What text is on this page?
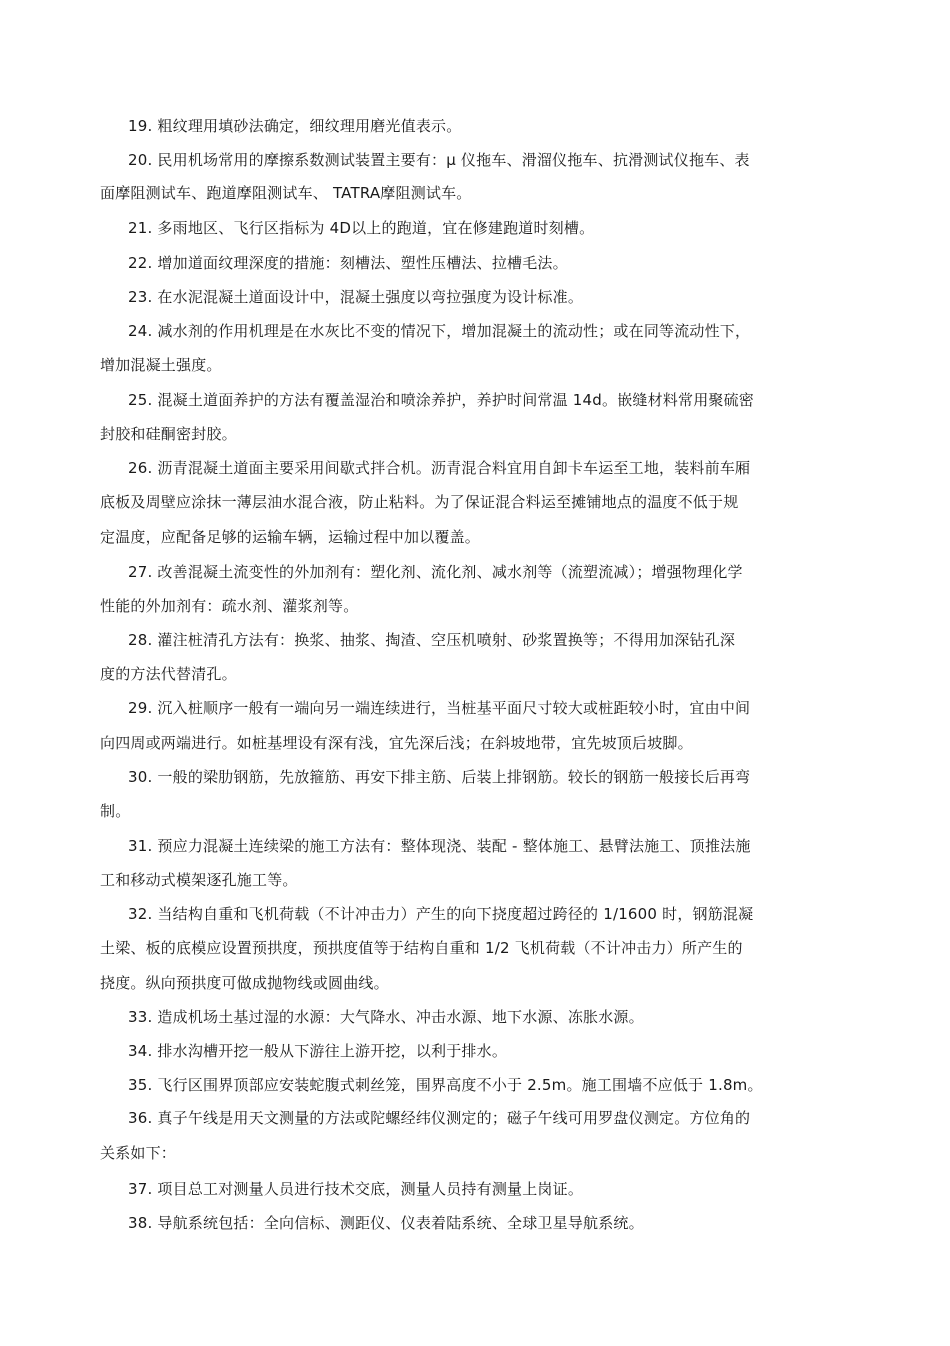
19. 粗纹理用填砂法确定，细纹理用磨光值表示。
20. 民用机场常用的摩擦系数测试装置主要有：μ 仪拖车、滑溜仪拖车、抗滑测试仪拖车、表
面摩阻测试车、跑道摩阻测试车、 TATRA摩阻测试车。
21. 多雨地区、飞行区指标为 4D以上的跑道，宜在修建跑道时刻槽。
22. 增加道面纹理深度的措施：刻槽法、塑性压槽法、拉槽毛法。
23. 在水泥混凝土道面设计中，混凝土强度以弯拉强度为设计标准。
24. 减水剂的作用机理是在水灰比不变的情况下，增加混凝土的流动性；或在同等流动性下，
增加混凝土强度。
25. 混凝土道面养护的方法有覆盖湿治和喷涂养护，养护时间常温 14d。嵌缝材料常用聚硫密
封胶和硅酮密封胶。
26. 沥青混凝土道面主要采用间歇式拌合机。沥青混合料宜用自卸卡车运至工地，装料前车厢
底板及周壁应涂抹一薄层油水混合液，防止粘料。为了保证混合料运至摊铺地点的温度不低于规
定温度，应配备足够的运输车辆，运输过程中加以覆盖。
27. 改善混凝土流变性的外加剂有：塑化剂、流化剂、减水剂等（流塑流减）；增强物理化学
性能的外加剂有：疏水剂、灌浆剂等。
28. 灌注桩清孔方法有：换浆、抽浆、掏渣、空压机喷射、砂浆置换等；不得用加深钻孔深
度的方法代替清孔。
29. 沉入桩顺序一般有一端向另一端连续进行，当桩基平面尺寸较大或桩距较小时，宜由中间
向四周或两端进行。如桩基埋设有深有浅，宜先深后浅；在斜坡地带，宜先坡顶后坡脚。
30. 一般的梁肋钢筋，先放箍筋、再安下排主筋、后装上排钢筋。较长的钢筋一般接长后再弯
制。
31. 预应力混凝土连续梁的施工方法有：整体现浇、装配 - 整体施工、悬臂法施工、顶推法施
工和移动式模架逐孔施工等。
32. 当结构自重和飞机荷载（不计冲击力）产生的向下挠度超过跨径的 1/1600 时，钢筋混凝
土梁、板的底模应设置预拱度，预拱度值等于结构自重和 1/2 飞机荷载（不计冲击力）所产生的
挠度。纵向预拱度可做成抛物线或圆曲线。
33. 造成机场土基过湿的水源：大气降水、冲击水源、地下水源、冻胀水源。
34. 排水沟槽开挖一般从下游往上游开挖，以利于排水。
35. 飞行区围界顶部应安装蛇腹式刺丝笼，围界高度不小于 2.5m。施工围墙不应低于 1.8m。
36. 真子午线是用天文测量的方法或陀螺经纬仪测定的；磁子午线可用罗盘仪测定。方位角的
关系如下：
37. 项目总工对测量人员进行技术交底，测量人员持有测量上岗证。
38. 导航系统包括：全向信标、测距仪、仪表着陆系统、全球卫星导航系统。
